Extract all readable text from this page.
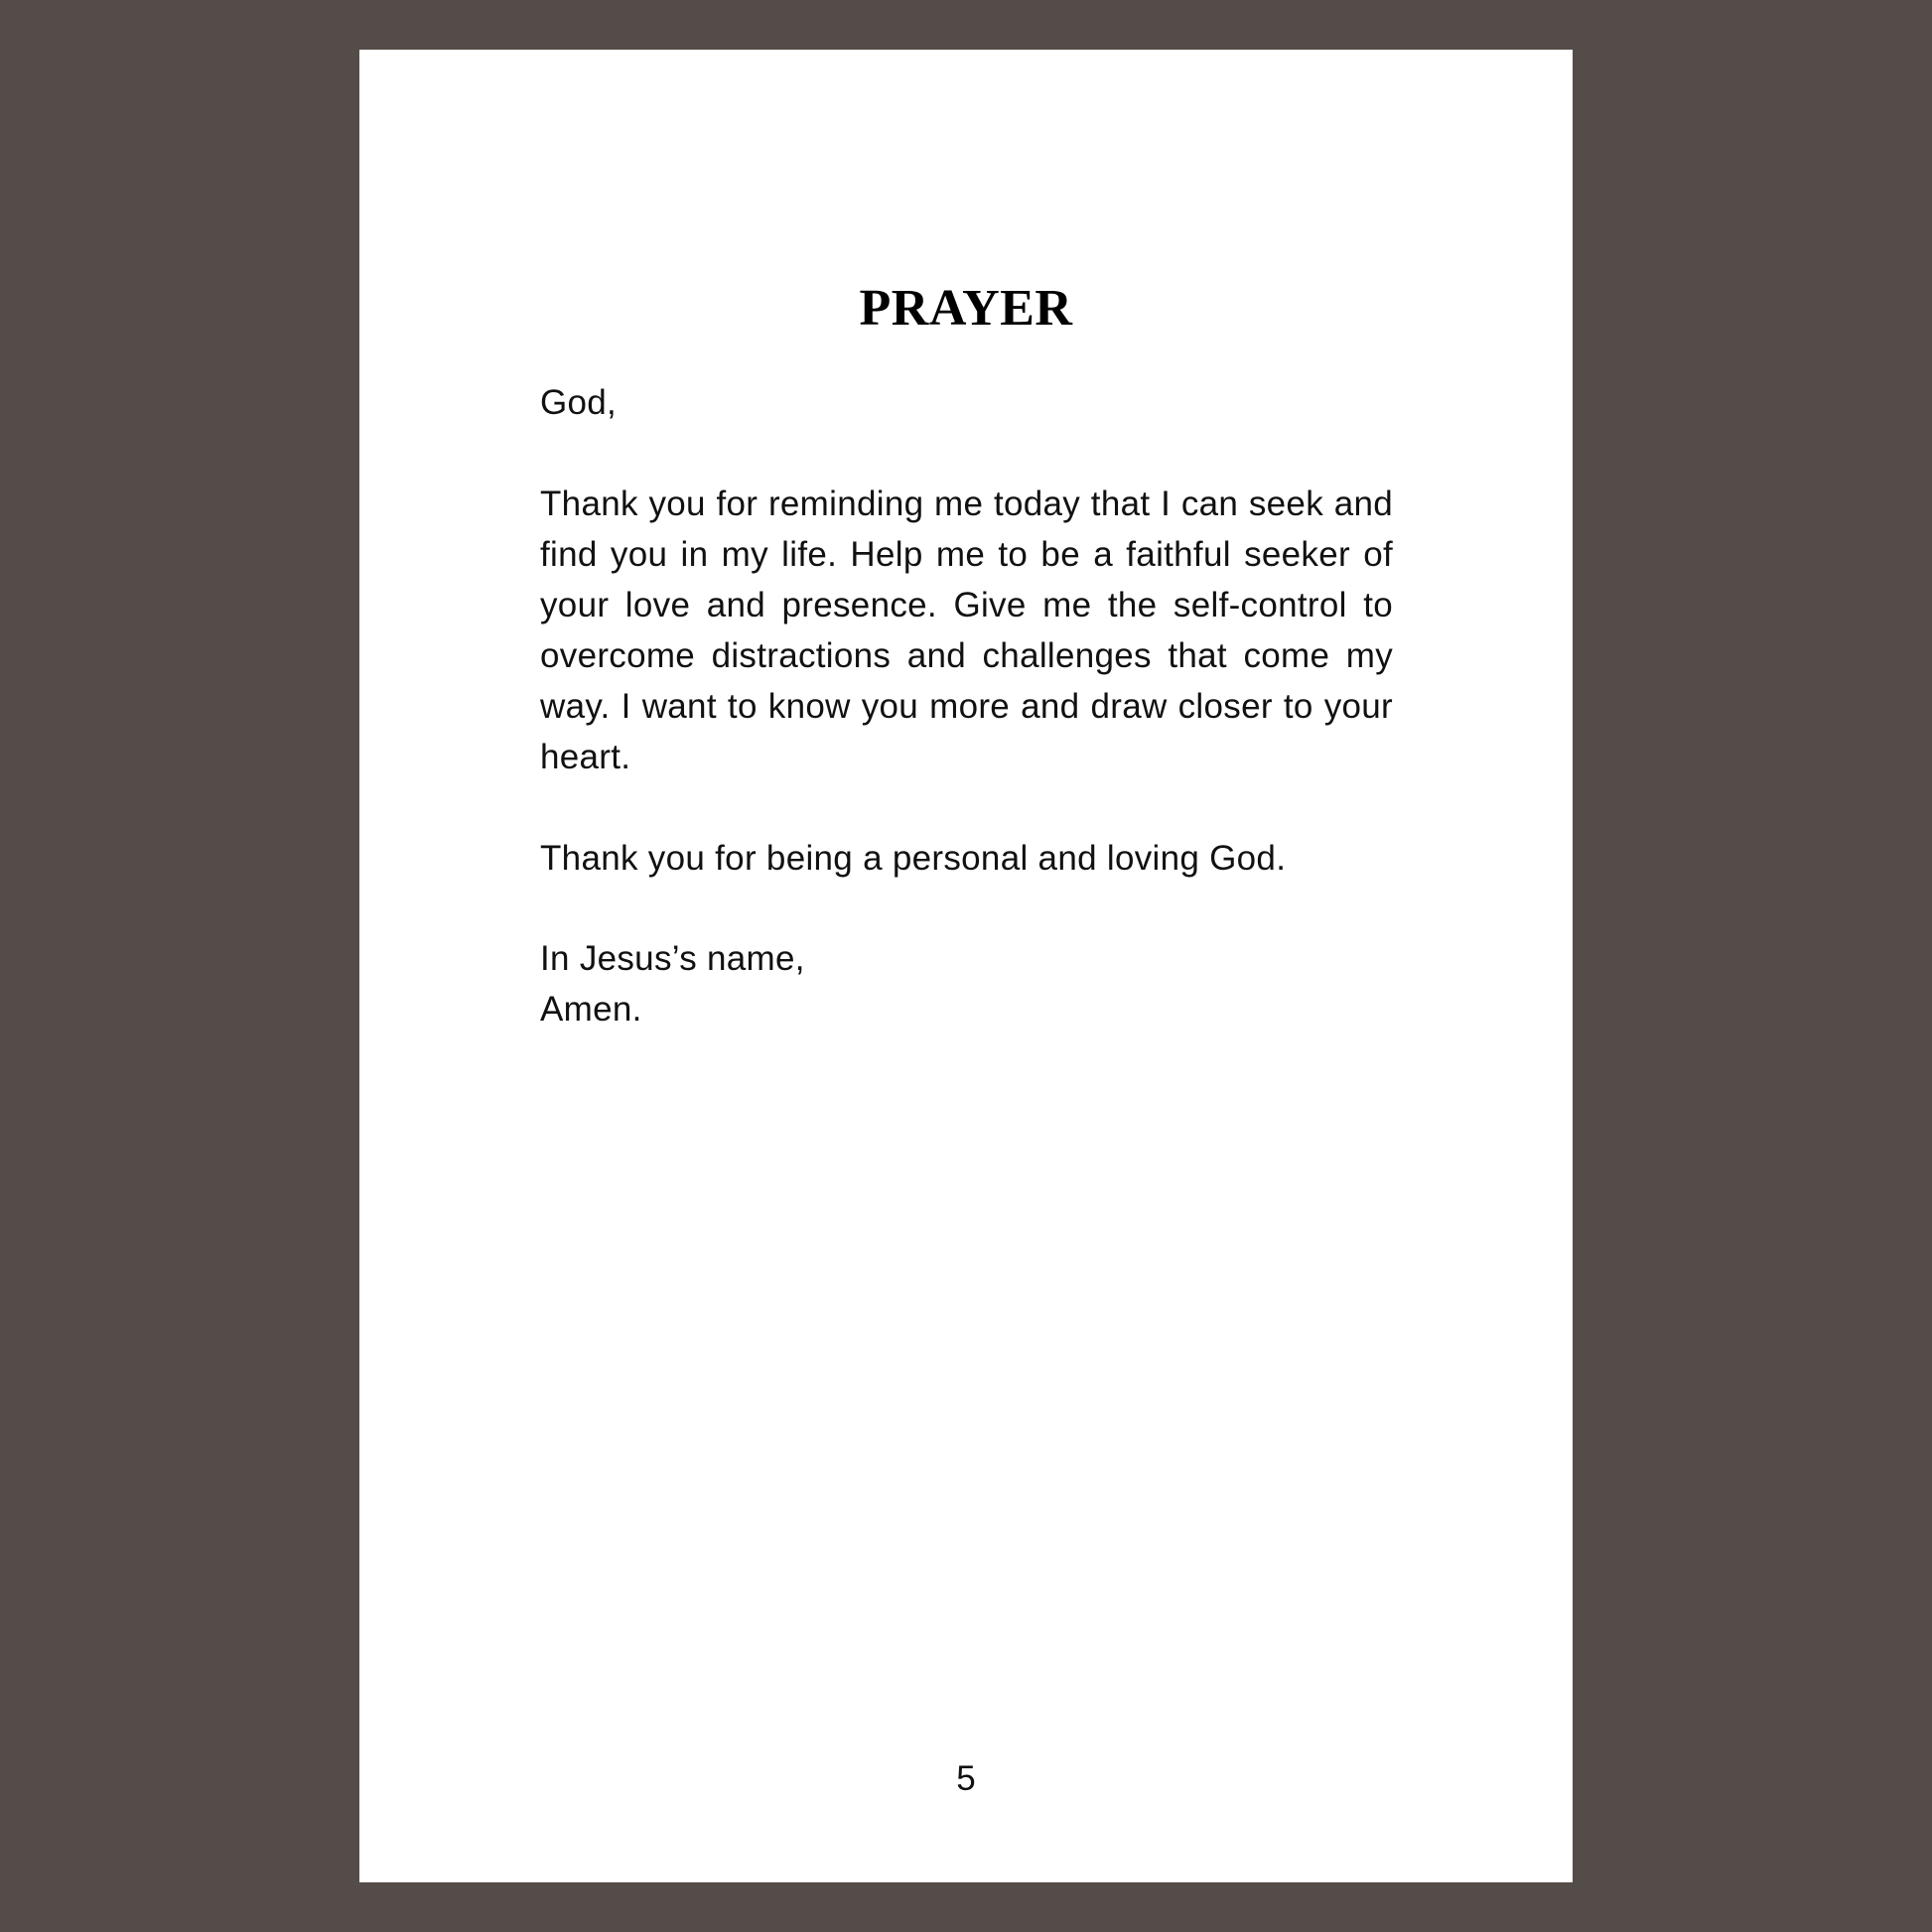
PRAYER

God,

Thank you for reminding me today that I can seek and find you in my life. Help me to be a faithful seeker of your love and presence. Give me the self-control to overcome distractions and challenges that come my way. I want to know you more and draw closer to your heart.

Thank you for being a personal and loving God.

In Jesus’s name,

Amen.

5
